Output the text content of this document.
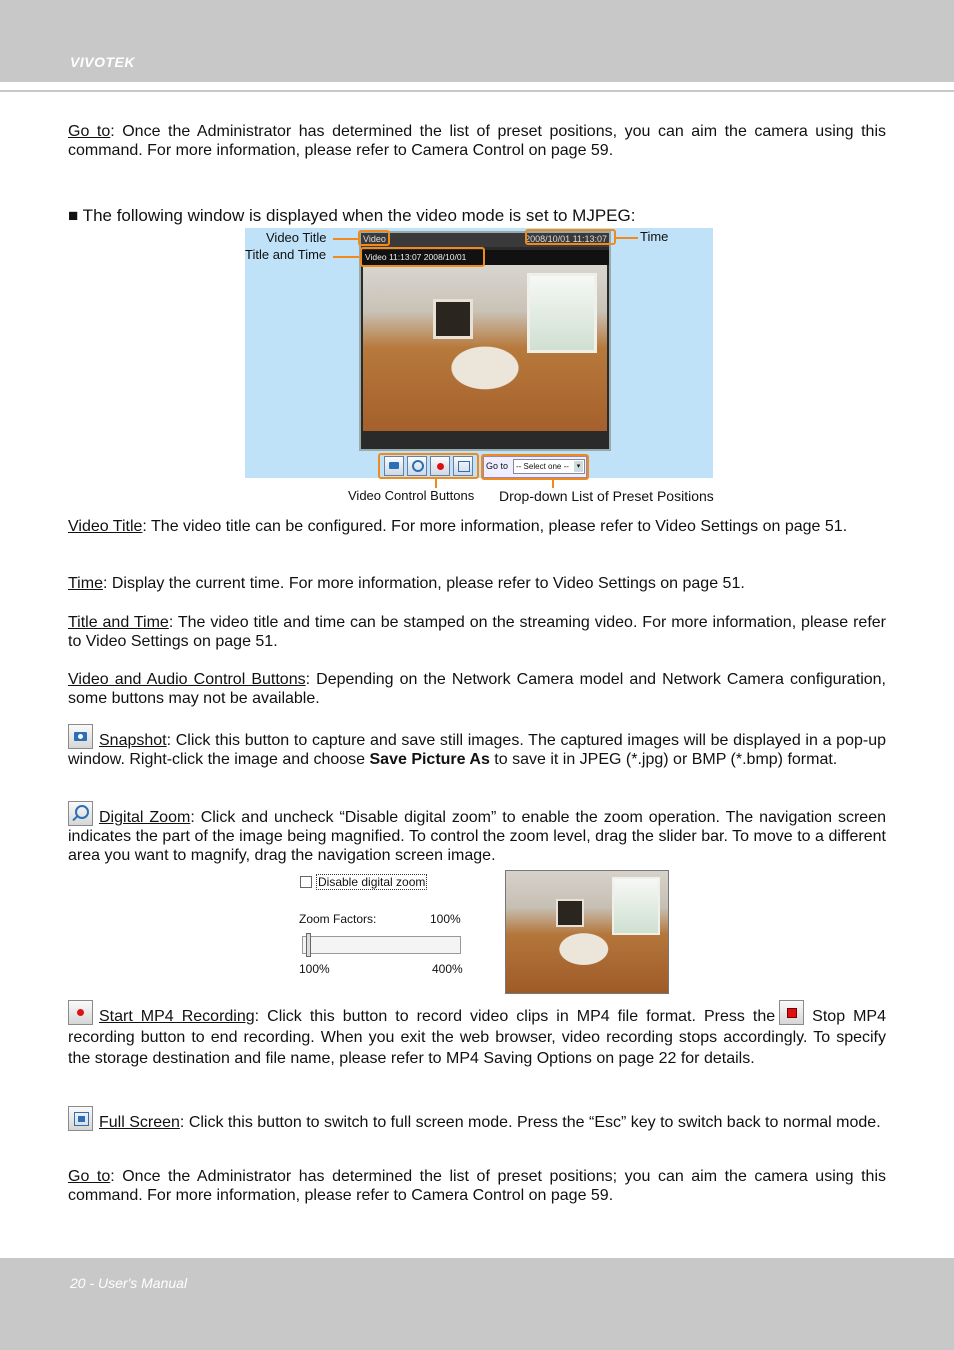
VIVOTEK

Go to: Once the Administrator has determined the list of preset positions, you can aim the camera using this command. For more information, please refer to Camera Control on page 59.

■ The following window is displayed when the video mode is set to MJPEG:

Video	2008/10/01 11:13:07
Video 11:13:07 2008/10/01
Video Title
Title and Time
Time
Go to -- Select one --	▾
Video Control Buttons Drop-down List of Preset Positions

Video Title: The video title can be configured. For more information, please refer to Video Settings on page 51.

Time: Display the current time. For more information, please refer to Video Settings on page 51.

Title and Time: The video title and time can be stamped on the streaming video. For more information, please refer to Video Settings on page 51.

Video and Audio Control Buttons: Depending on the Network Camera model and Network Camera configuration, some buttons may not be available.

Snapshot: Click this button to capture and save still images. The captured images will be displayed in a pop-up window. Right-click the image and choose Save Picture As to save it in JPEG (*.jpg) or BMP (*.bmp) format.

Digital Zoom: Click and uncheck “Disable digital zoom” to enable the zoom operation. The navigation screen indicates the part of the image being magnified. To control the zoom level, drag the slider bar. To move to a different area you want to magnify, drag the navigation screen image.

Disable digital zoom
Zoom Factors:	100%
100%	400%

Start MP4 Recording: Click this button to record video clips in MP4 file format. Press the Stop MP4 recording button to end recording. When you exit the web browser, video recording stops accordingly. To specify the storage destination and file name, please refer to MP4 Saving Options on page 22 for details.

Full Screen: Click this button to switch to full screen mode. Press the “Esc” key to switch back to normal mode.

Go to: Once the Administrator has determined the list of preset positions; you can aim the camera using this command. For more information, please refer to Camera Control on page 59.

20 - User's Manual
